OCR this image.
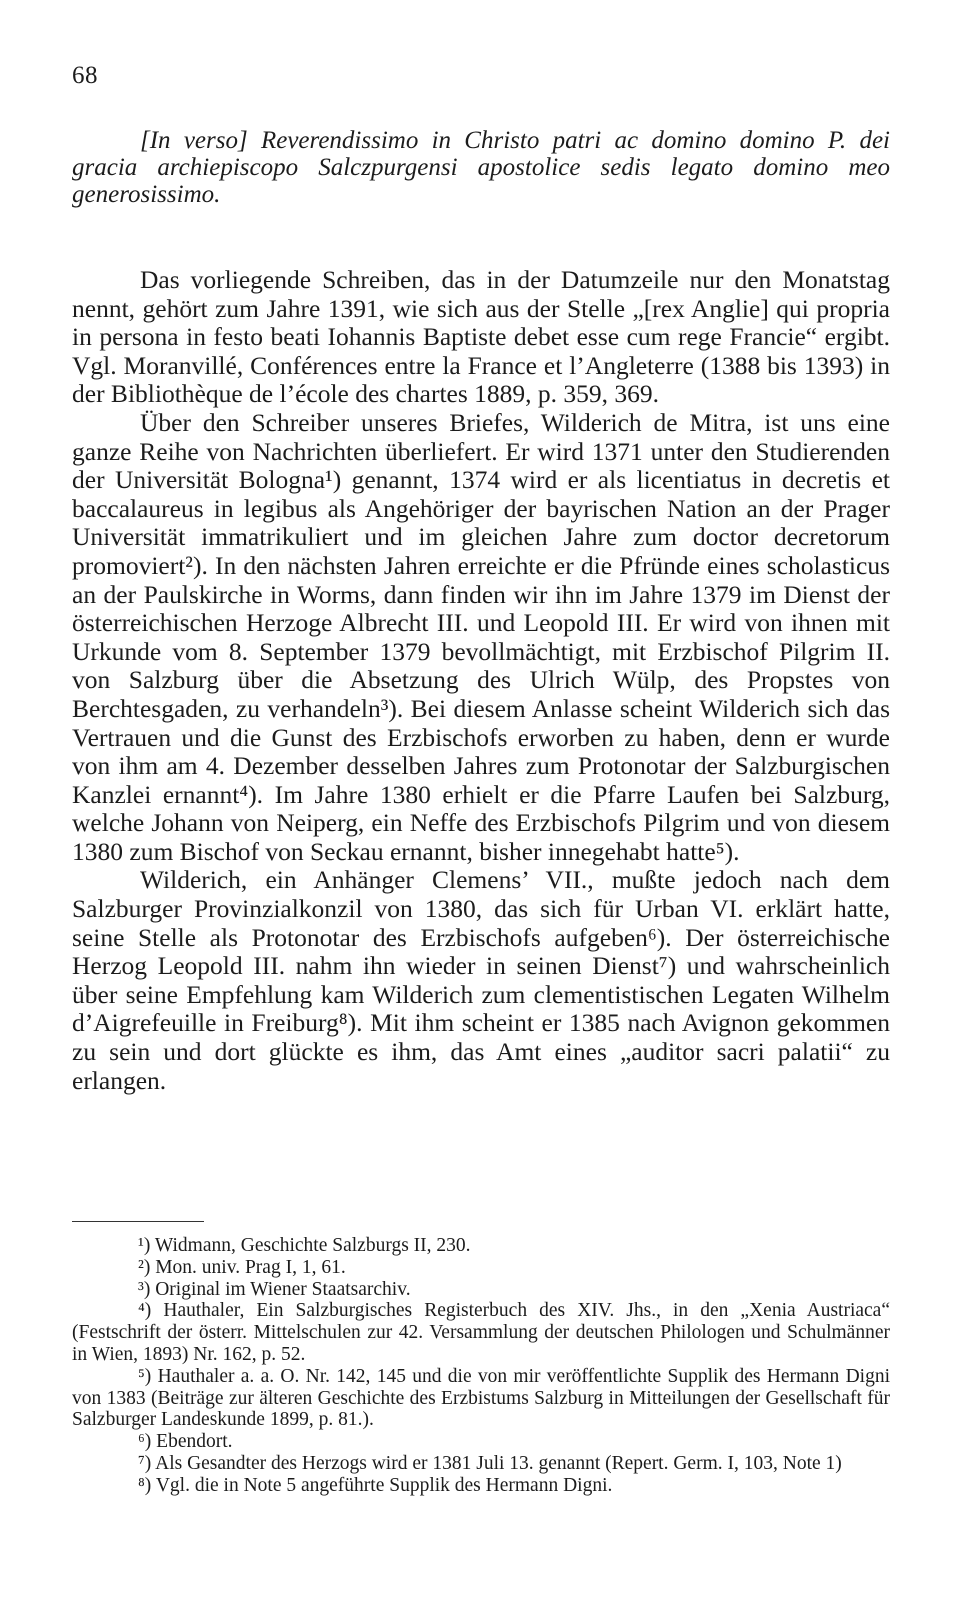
68
[In verso] Reverendissimo in Christo patri ac domino domino P. dei gracia archiepiscopo Salczpurgensi apostolice sedis legato domino meo generosissimo.

Das vorliegende Schreiben, das in der Datumzeile nur den Monatstag nennt, gehört zum Jahre 1391, wie sich aus der Stelle „[rex Anglie] qui propria in persona in festo beati Iohannis Baptiste debet esse cum rege Francie“ ergibt. Vgl. Moranvillé, Conférences entre la France et l’Angleterre (1388 bis 1393) in der Bibliothèque de l’école des chartes 1889, p. 359, 369.

Über den Schreiber unseres Briefes, Wilderich de Mitra, ist uns eine ganze Reihe von Nachrichten überliefert. Er wird 1371 unter den Studierenden der Universität Bologna¹) genannt, 1374 wird er als licentiatus in decretis et baccalaureus in legibus als Angehöriger der bayrischen Nation an der Prager Universität immatrikuliert und im gleichen Jahre zum doctor decretorum promoviert²). In den nächsten Jahren erreichte er die Pfründe eines scholasticus an der Paulskirche in Worms, dann finden wir ihn im Jahre 1379 im Dienst der österreichischen Herzoge Albrecht III. und Leopold III. Er wird von ihnen mit Urkunde vom 8. September 1379 bevollmächtigt, mit Erzbischof Pilgrim II. von Salzburg über die Absetzung des Ulrich Wülp, des Propstes von Berchtesgaden, zu verhandeln³). Bei diesem Anlasse scheint Wilderich sich das Vertrauen und die Gunst des Erzbischofs erworben zu haben, denn er wurde von ihm am 4. Dezember desselben Jahres zum Protonotar der Salzburgischen Kanzlei ernannt⁴). Im Jahre 1380 erhielt er die Pfarre Laufen bei Salzburg, welche Johann von Neiperg, ein Neffe des Erzbischofs Pilgrim und von diesem 1380 zum Bischof von Seckau ernannt, bisher innegehabt hatte⁵).

Wilderich, ein Anhänger Clemens’ VII., mußte jedoch nach dem Salzburger Provinzialkonzil von 1380, das sich für Urban VI. erklärt hatte, seine Stelle als Protonotar des Erzbischofs aufgeben⁶). Der österreichische Herzog Leopold III. nahm ihn wieder in seinen Dienst⁷) und wahrscheinlich über seine Empfehlung kam Wilderich zum clementistischen Legaten Wilhelm d’Aigrefeuille in Freiburg⁸). Mit ihm scheint er 1385 nach Avignon gekommen zu sein und dort glückte es ihm, das Amt eines „auditor sacri palatii“ zu erlangen.

¹) Widmann, Geschichte Salzburgs II, 230.

²) Mon. univ. Prag I, 1, 61.

³) Original im Wiener Staatsarchiv.

⁴) Hauthaler, Ein Salzburgisches Registerbuch des XIV. Jhs., in den „Xenia Austriaca“ (Festschrift der österr. Mittelschulen zur 42. Versammlung der deutschen Philologen und Schulmänner in Wien, 1893) Nr. 162, p. 52.

⁵) Hauthaler a. a. O. Nr. 142, 145 und die von mir veröffentlichte Supplik des Hermann Digni von 1383 (Beiträge zur älteren Geschichte des Erzbistums Salzburg in Mitteilungen der Gesellschaft für Salzburger Landeskunde 1899, p. 81.).

⁶) Ebendort.

⁷) Als Gesandter des Herzogs wird er 1381 Juli 13. genannt (Repert. Germ. I, 103, Note 1)

⁸) Vgl. die in Note 5 angeführte Supplik des Hermann Digni.
